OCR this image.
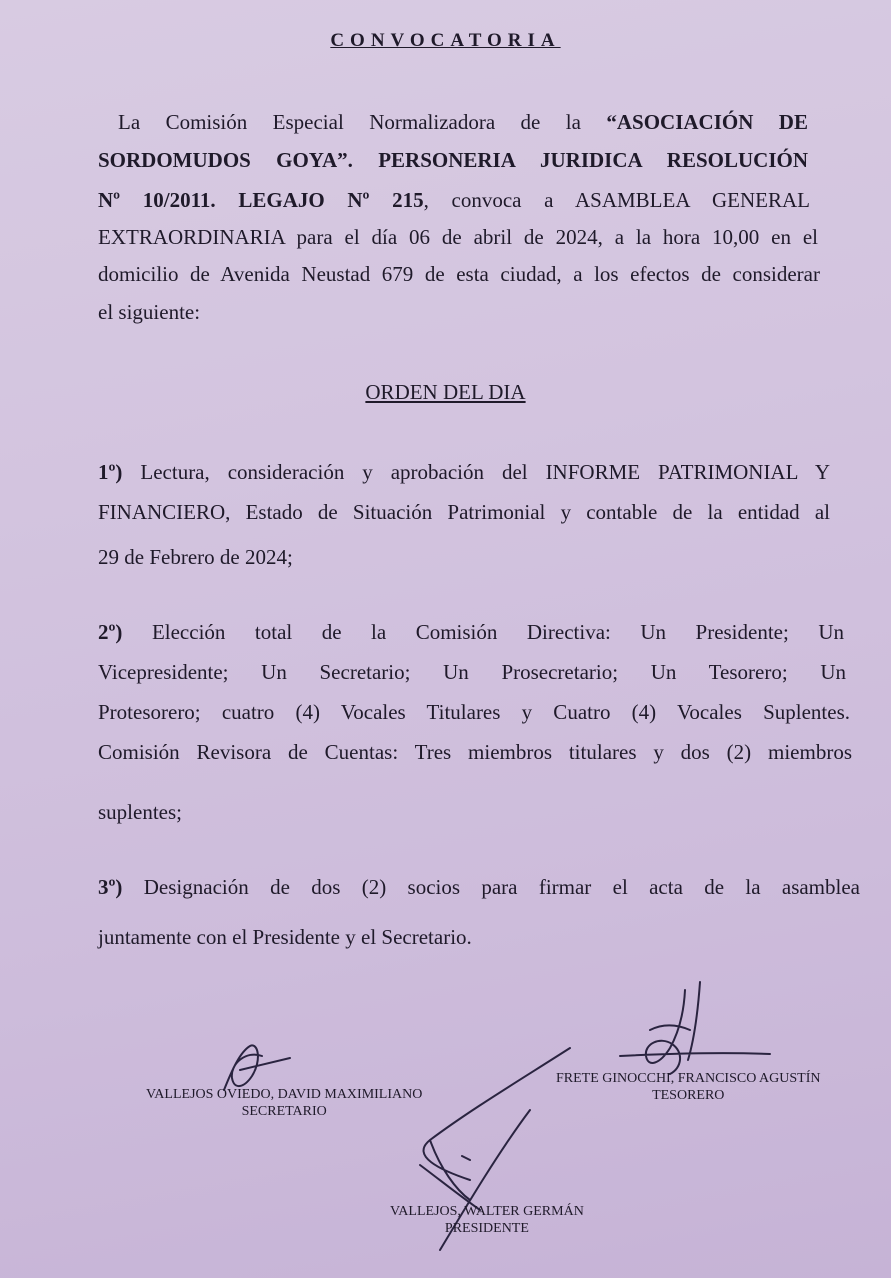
CONVOCATORIA
La Comisión Especial Normalizadora de la “ASOCIACIÓN DE
SORDOMUDOS GOYA”. PERSONERIA JURIDICA RESOLUCIÓN
Nº 10/2011. LEGAJO Nº 215, convoca a ASAMBLEA GENERAL
EXTRAORDINARIA para el día 06 de abril de 2024, a la hora 10,00 en el
domicilio de Avenida Neustad 679 de esta ciudad, a los efectos de considerar
el siguiente:
ORDEN DEL DIA
1º) Lectura, consideración y aprobación del INFORME PATRIMONIAL Y
FINANCIERO, Estado de Situación Patrimonial y contable de la entidad al
29 de Febrero de 2024;
2º) Elección total de la Comisión Directiva: Un Presidente; Un
Vicepresidente; Un Secretario; Un Prosecretario; Un Tesorero; Un
Protesorero; cuatro (4) Vocales Titulares y Cuatro (4) Vocales Suplentes.
Comisión Revisora de Cuentas: Tres miembros titulares y dos (2) miembros
suplentes;
3º) Designación de dos (2) socios para firmar el acta de la asamblea
juntamente con el Presidente y el Secretario.
VALLEJOS OVIEDO, DAVID MAXIMILIANO
SECRETARIO
FRETE GINOCCHI, FRANCISCO AGUSTÍN
TESORERO
VALLEJOS, WALTER GERMÁN
PRESIDENTE
